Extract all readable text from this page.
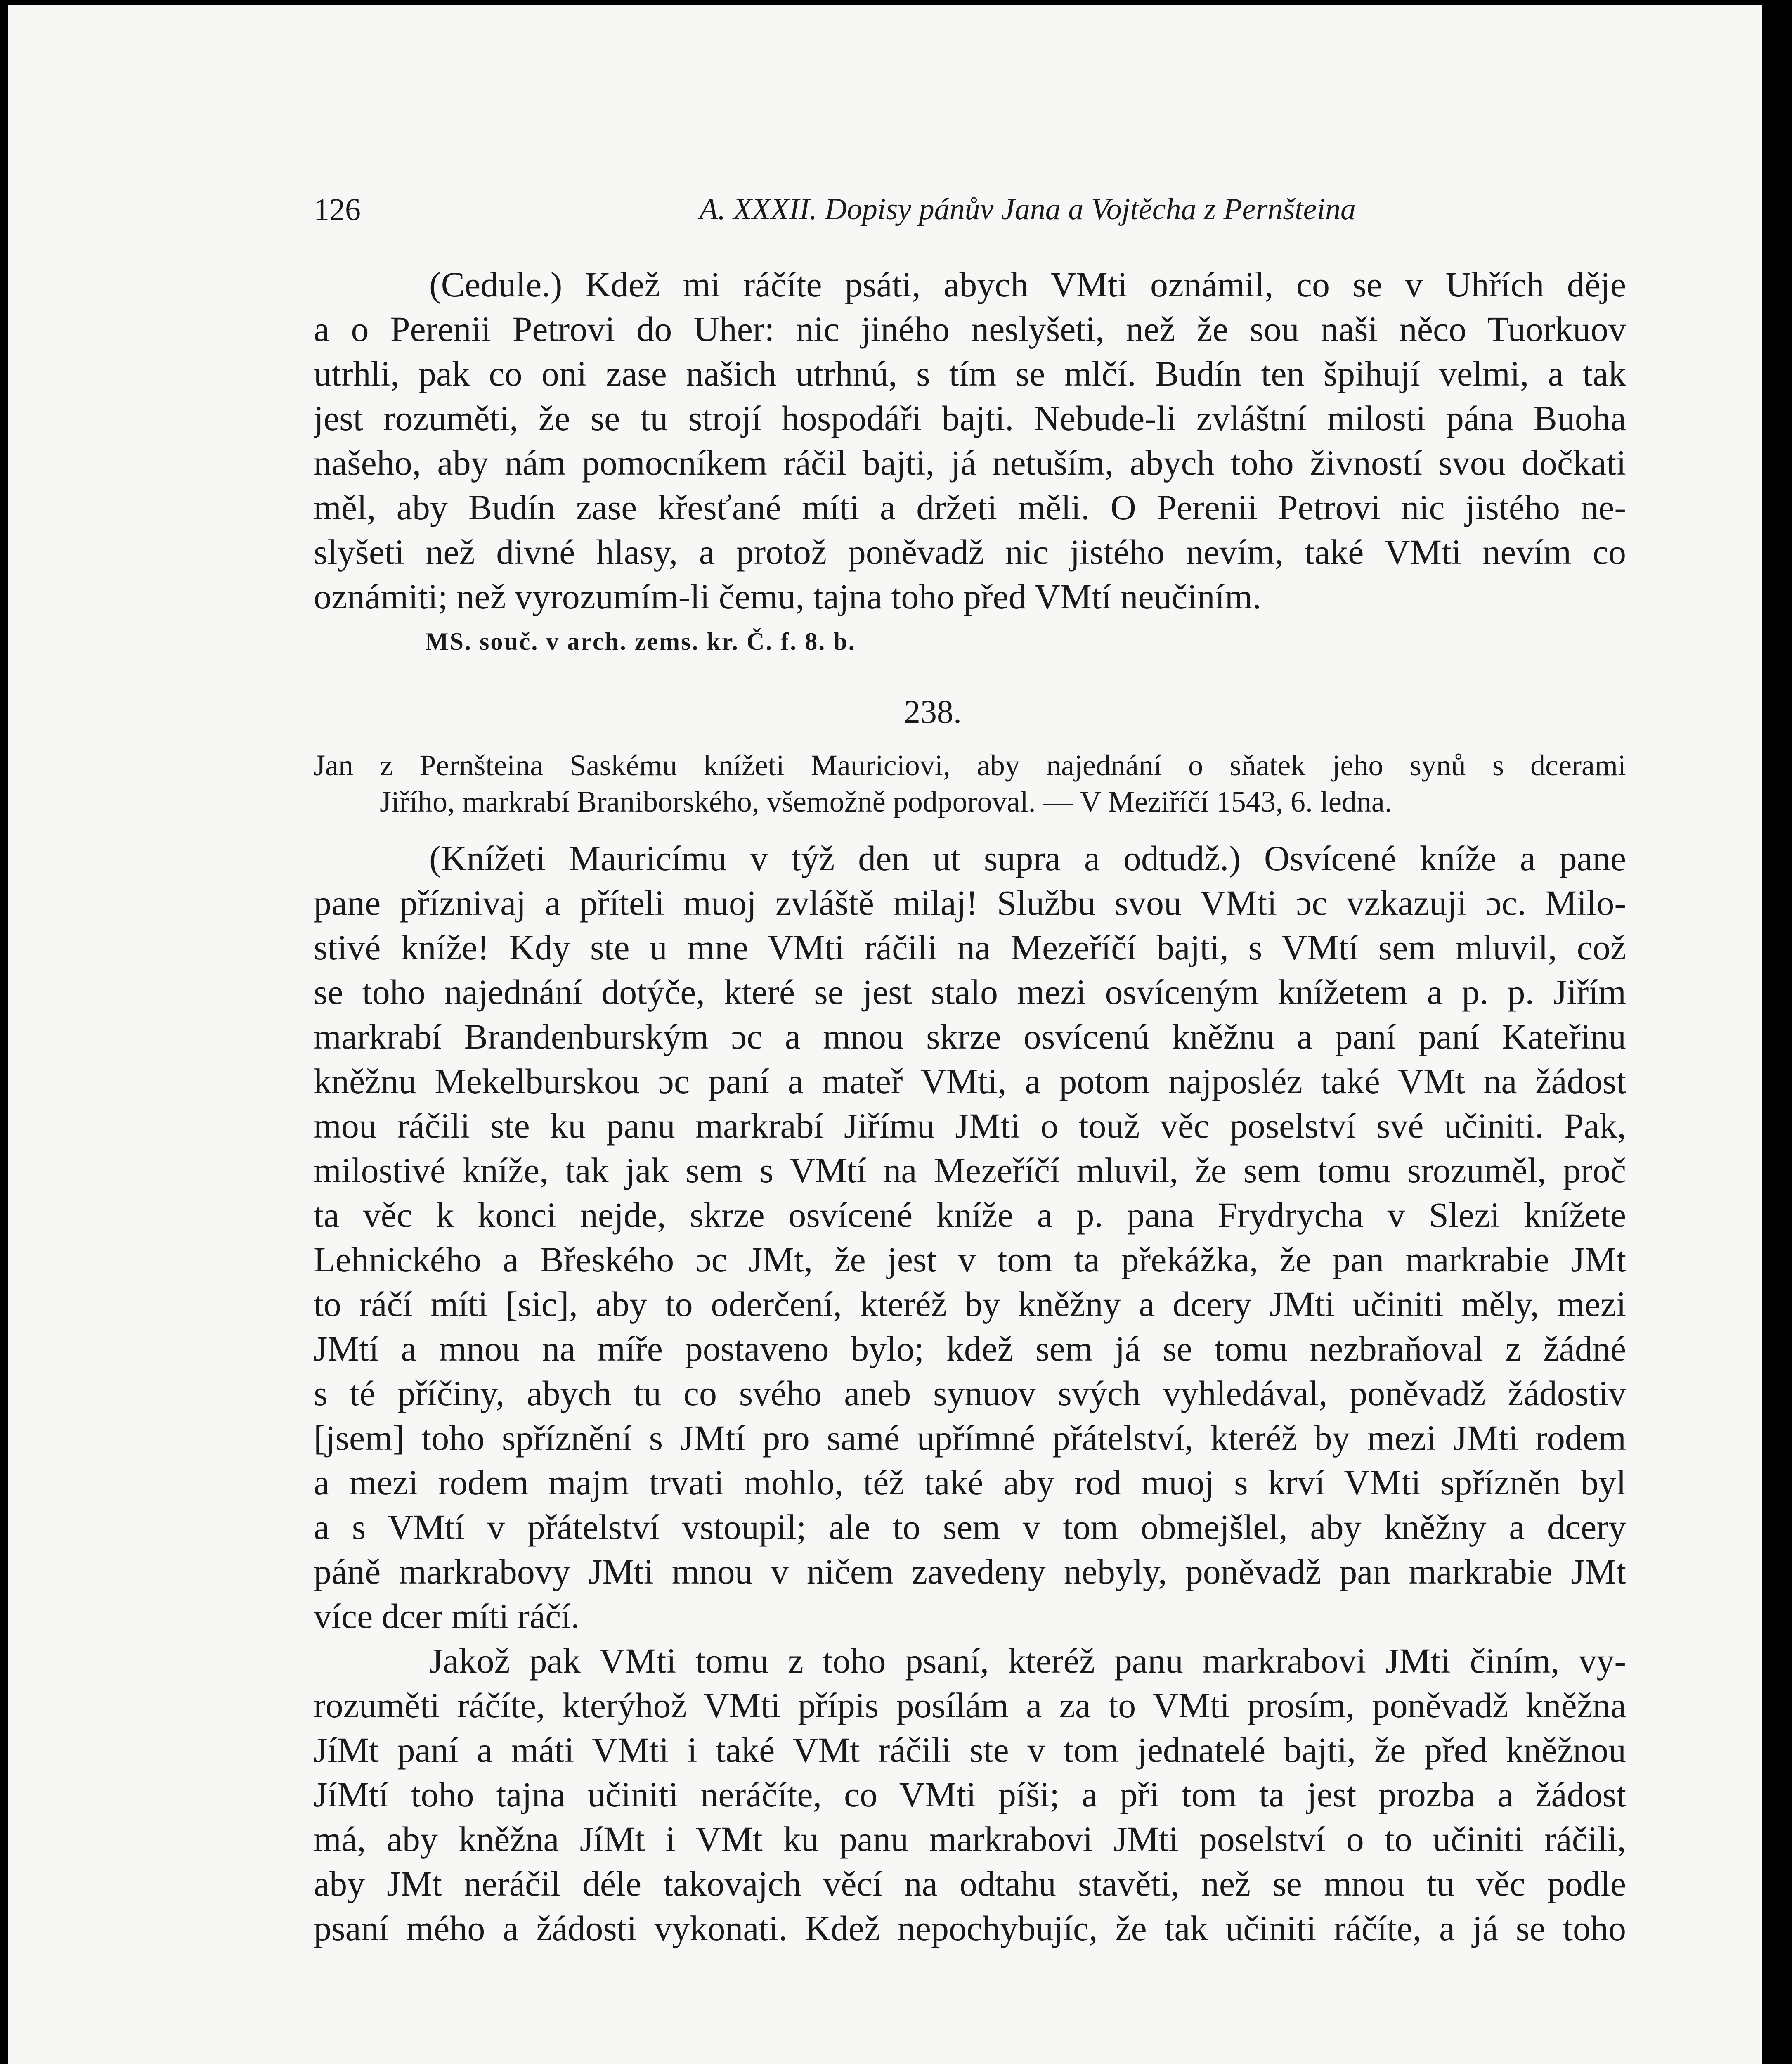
126	A. XXXII. Dopisy pánův Jana a Vojtěcha z Pernšteina
(Cedule.) Kdež mi ráčíte psáti, abych VMti oznámil, co se v Uhřích děje
a o Perenii Petrovi do Uher: nic jiného neslyšeti, než že sou naši něco Tuorkuov
utrhli, pak co oni zase našich utrhnú, s tím se mlčí. Budín ten špihují velmi, a tak
jest rozuměti, že se tu strojí hospodáři bajti. Nebude-li zvláštní milosti pána Buoha
našeho, aby nám pomocníkem ráčil bajti, já netuším, abych toho živností svou dočkati
měl, aby Budín zase křesťané míti a držeti měli. O Perenii Petrovi nic jistého ne-
slyšeti než divné hlasy, a protož poněvadž nic jistého nevím, také VMti nevím co
oznámiti; než vyrozumím-li čemu, tajna toho před VMtí neučiním.
MS. souč. v arch. zems. kr. Č. f. 8. b.
238.
Jan z Pernšteina Saskému knížeti Mauriciovi, aby najednání o sňatek jeho synů s dcerami
Jiřího, markrabí Braniborského, všemožně podporoval. — V Meziříčí 1543, 6. ledna.
(Knížeti Mauricímu v týž den ut supra a odtudž.) Osvícené kníže a pane
pane příznivaj a příteli muoj zvláště milaj! Službu svou VMti ɔc vzkazuji ɔc. Milo-
stivé kníže! Kdy ste u mne VMti ráčili na Mezeříčí bajti, s VMtí sem mluvil, což
se toho najednání dotýče, které se jest stalo mezi osvíceným knížetem a p. p. Jiřím
markrabí Brandenburským ɔc a mnou skrze osvícenú kněžnu a paní paní Kateřinu
kněžnu Mekelburskou ɔc paní a mateř VMti, a potom najposléz také VMt na žádost
mou ráčili ste ku panu markrabí Jiřímu JMti o touž věc poselství své učiniti. Pak,
milostivé kníže, tak jak sem s VMtí na Mezeříčí mluvil, že sem tomu srozuměl, proč
ta věc k konci nejde, skrze osvícené kníže a p. pana Frydrycha v Slezi knížete
Lehnického a Břeského ɔc JMt, že jest v tom ta překážka, že pan markrabie JMt
to ráčí míti [sic], aby to oderčení, kteréž by kněžny a dcery JMti učiniti měly, mezi
JMtí a mnou na míře postaveno bylo; kdež sem já se tomu nezbraňoval z žádné
s té příčiny, abych tu co svého aneb synuov svých vyhledával, poněvadž žádostiv
[jsem] toho spříznění s JMtí pro samé upřímné přátelství, kteréž by mezi JMti rodem
a mezi rodem majm trvati mohlo, též také aby rod muoj s krví VMti spřízněn byl
a s VMtí v přátelství vstoupil; ale to sem v tom obmejšlel, aby kněžny a dcery
páně markrabovy JMti mnou v ničem zavedeny nebyly, poněvadž pan markrabie JMt
více dcer míti ráčí.
Jakož pak VMti tomu z toho psaní, kteréž panu markrabovi JMti činím, vy-
rozuměti ráčíte, kterýhož VMti přípis posílám a za to VMti prosím, poněvadž kněžna
JíMt paní a máti VMti i také VMt ráčili ste v tom jednatelé bajti, že před kněžnou
JíMtí toho tajna učiniti neráčíte, co VMti píši; a při tom ta jest prozba a žádost
má, aby kněžna JíMt i VMt ku panu markrabovi JMti poselství o to učiniti ráčili,
aby JMt neráčil déle takovajch věcí na odtahu stavěti, než se mnou tu věc podle
psaní mého a žádosti vykonati. Kdež nepochybujíc, že tak učiniti ráčíte, a já se toho
